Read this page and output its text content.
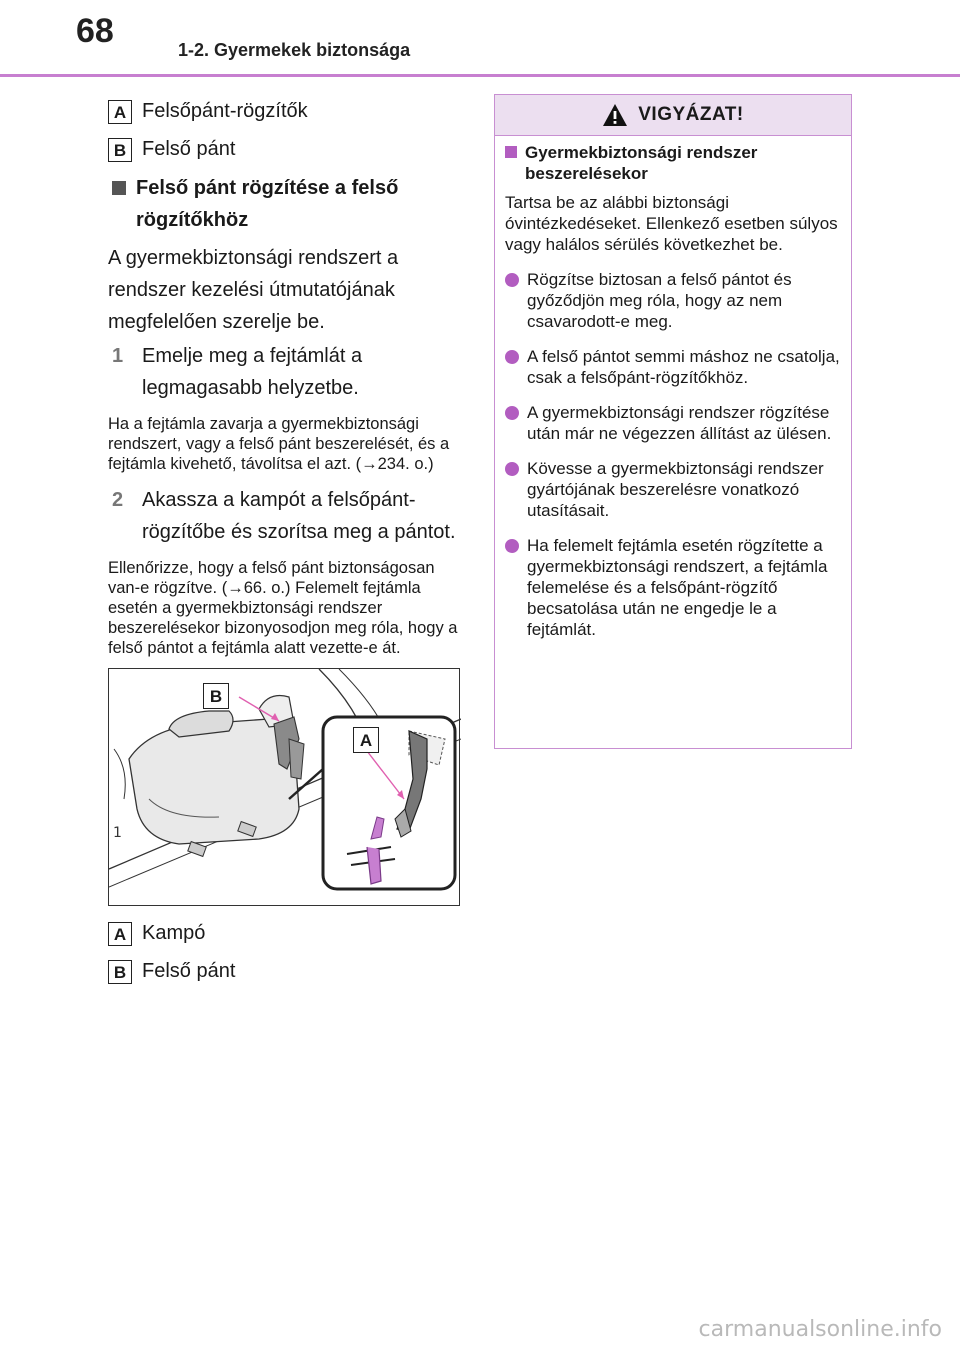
68	1-2. Gyermekek biztonsága
A Felsőpánt-rögzítők
B Felső pánt
Felső pánt rögzítése a felső
rögzítőkhöz
A gyermekbiztonsági rendszert a rendszer kezelési útmutatójának megfelelően szerelje be.
1 Emelje meg a fejtámlát a legmagasabb helyzetbe.
Ha a fejtámla zavarja a gyermekbiztonsági rendszert, vagy a felső pánt beszerelését, és a fejtámla kivehető, távolítsa el azt. (→234. o.)
2 Akassza a kampót a felsőpánt-rögzítőbe és szorítsa meg a pántot.
Ellenőrizze, hogy a felső pánt biztonságosan van-e rögzítve. (→66. o.) Felemelt fejtámla esetén a gyermekbiztonsági rendszer beszerelésekor bizonyosodjon meg róla, hogy a felső pántot a fejtámla alatt vezette-e át.
1
B
A
A Kampó
B Felső pánt
VIGYÁZAT!
Gyermekbiztonsági rendszer beszerelésekor
Tartsa be az alábbi biztonsági óvintézkedéseket. Ellenkező esetben súlyos vagy halálos sérülés következhet be.
Rögzítse biztosan a felső pántot és győződjön meg róla, hogy az nem csavarodott-e meg.
A felső pántot semmi máshoz ne csatolja, csak a felsőpánt-rögzítőkhöz.
A gyermekbiztonsági rendszer rögzítése után már ne végezzen állítást az ülésen.
Kövesse a gyermekbiztonsági rendszer gyártójának beszerelésre vonatkozó utasításait.
Ha felemelt fejtámla esetén rögzítette a gyermekbiztonsági rendszert, a fejtámla felemelése és a felsőpánt-rögzítő becsatolása után ne engedje le a fejtámlát.
carmanualsonline.info
